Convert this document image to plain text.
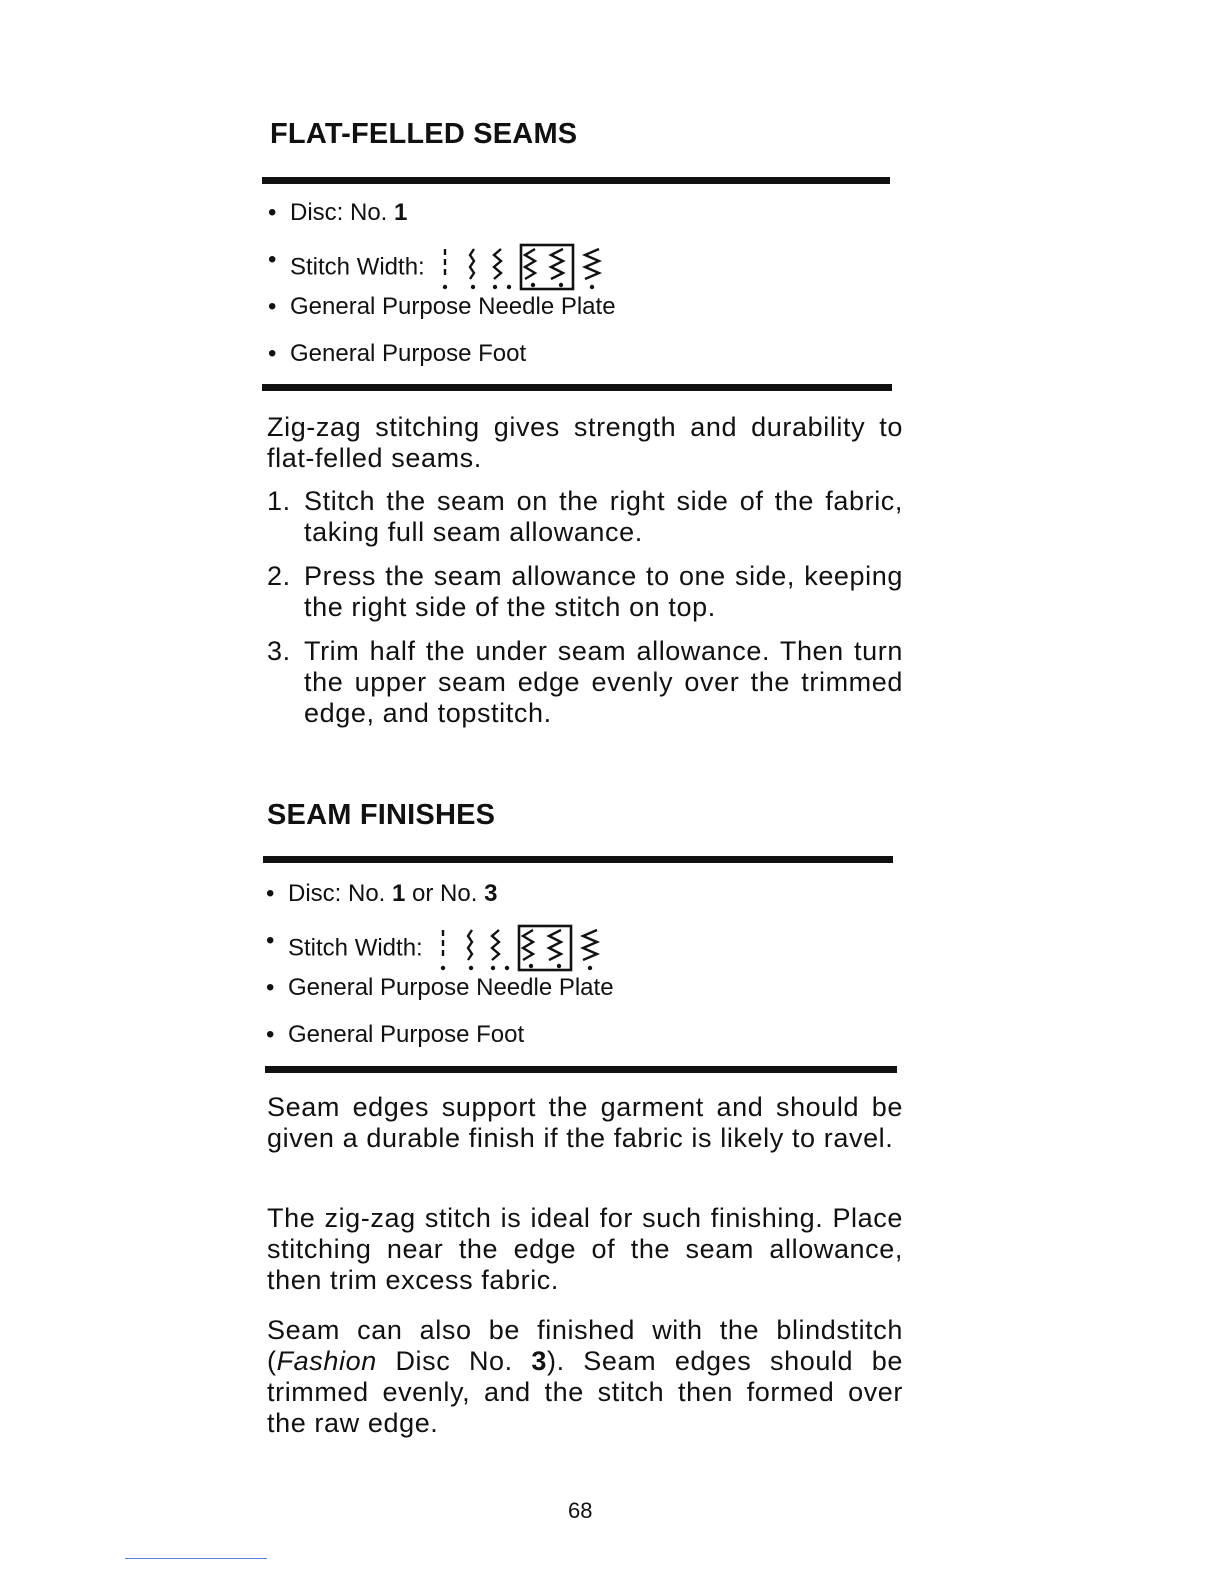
FLAT-FELLED SEAMS
• Disc: No. 1
• Stitch Width:
• General Purpose Needle Plate
• General Purpose Foot

Zig-zag stitching gives strength and durability to flat-felled seams.

1. Stitch the seam on the right side of the fabric, taking full seam allowance.
2. Press the seam allowance to one side, keeping the right side of the stitch on top.
3. Trim half the under seam allowance. Then turn the upper seam edge evenly over the trimmed edge, and topstitch.
SEAM FINISHES
• Disc: No. 1 or No. 3
• Stitch Width:
• General Purpose Needle Plate
• General Purpose Foot

Seam edges support the garment and should be given a durable finish if the fabric is likely to ravel.

The zig-zag stitch is ideal for such finishing. Place stitching near the edge of the seam allowance, then trim excess fabric.

Seam can also be finished with the blindstitch (Fashion Disc No. 3). Seam edges should be trimmed evenly, and the stitch then formed over the raw edge.

68
